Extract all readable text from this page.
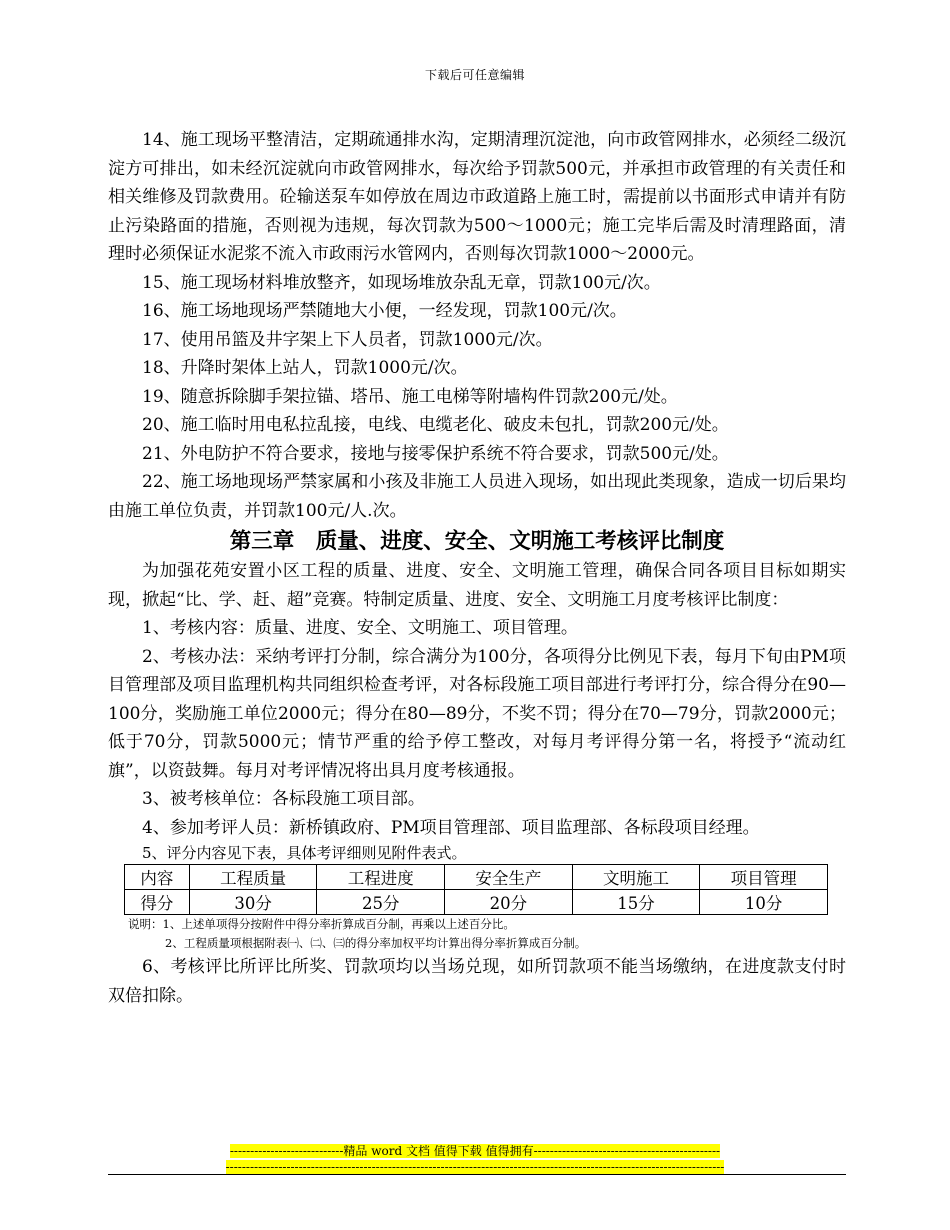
下载后可任意编辑

14、施工现场平整清洁，定期疏通排水沟，定期清理沉淀池，向市政管网排水，必须经二级沉淀方可排出，如未经沉淀就向市政管网排水，每次给予罚款500元，并承担市政管理的有关责任和相关维修及罚款费用。砼输送泵车如停放在周边市政道路上施工时，需提前以书面形式申请并有防止污染路面的措施，否则视为违规，每次罚款为500～1000元；施工完毕后需及时清理路面，清理时必须保证水泥浆不流入市政雨污水管网内，否则每次罚款1000～2000元。

15、施工现场材料堆放整齐，如现场堆放杂乱无章，罚款100元/次。

16、施工场地现场严禁随地大小便，一经发现，罚款100元/次。

17、使用吊篮及井字架上下人员者，罚款1000元/次。

18、升降时架体上站人，罚款1000元/次。

19、随意拆除脚手架拉锚、塔吊、施工电梯等附墙构件罚款200元/处。

20、施工临时用电私拉乱接，电线、电缆老化、破皮未包扎，罚款200元/处。

21、外电防护不符合要求，接地与接零保护系统不符合要求，罚款500元/处。

22、施工场地现场严禁家属和小孩及非施工人员进入现场，如出现此类现象，造成一切后果均由施工单位负责，并罚款100元/人.次。

第三章　质量、进度、安全、文明施工考核评比制度

为加强花苑安置小区工程的质量、进度、安全、文明施工管理，确保合同各项目目标如期实现，掀起“比、学、赶、超”竞赛。特制定质量、进度、安全、文明施工月度考核评比制度：

1、考核内容：质量、进度、安全、文明施工、项目管理。

2、考核办法：采纳考评打分制，综合满分为100分，各项得分比例见下表，每月下旬由PM项目管理部及项目监理机构共同组织检查考评，对各标段施工项目部进行考评打分，综合得分在90—100分，奖励施工单位2000元；得分在80—89分，不奖不罚；得分在70—79分，罚款2000元；低于70分，罚款5000元；情节严重的给予停工整改，对每月考评得分第一名，将授予“流动红旗”，以资鼓舞。每月对考评情况将出具月度考核通报。

3、被考核单位：各标段施工项目部。

4、参加考评人员：新桥镇政府、PM项目管理部、项目监理部、各标段项目经理。

5、评分内容见下表，具体考评细则见附件表式。

内容	工程质量	工程进度	安全生产	文明施工	项目管理
得分	30分	25分	20分	15分	10分

说明：1、上述单项得分按附件中得分率折算成百分制，再乘以上述百分比。

2、工程质量项根据附表㈠、㈡、㈢的得分率加权平均计算出得分率折算成百分制。

6、考核评比所评比所奖、罚款项均以当场兑现，如所罚款项不能当场缴纳，在进度款支付时双倍扣除。

----------------------------精品 word 文档 值得下载 值得拥有----------------------------------------------
---------------------------------------------------------------------------------------------------------------------------
